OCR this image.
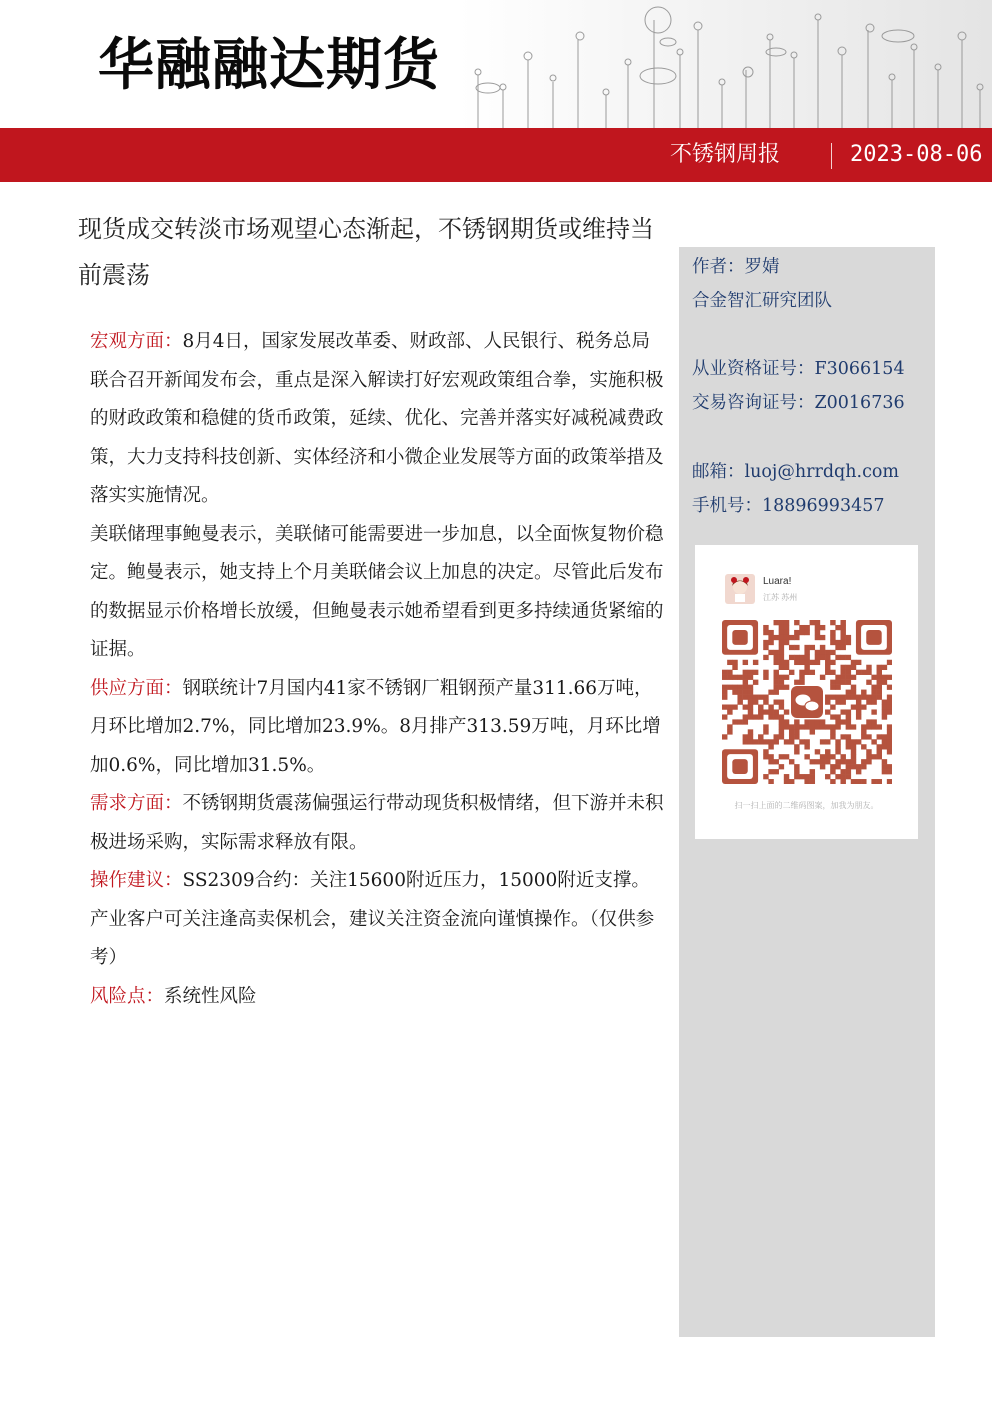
华融融达期货
不锈钢周报	2023-08-06
现货成交转淡市场观望心态渐起，不锈钢期货或维持当前震荡

宏观方面：8月4日，国家发展改革委、财政部、人民银行、税务总局联合召开新闻发布会，重点是深入解读打好宏观政策组合拳，实施积极的财政政策和稳健的货币政策，延续、优化、完善并落实好减税减费政策，大力支持科技创新、实体经济和小微企业发展等方面的政策举措及落实实施情况。

美联储理事鲍曼表示，美联储可能需要进一步加息，以全面恢复物价稳定。鲍曼表示，她支持上个月美联储会议上加息的决定。尽管此后发布的数据显示价格增长放缓，但鲍曼表示她希望看到更多持续通货紧缩的证据。

供应方面：钢联统计7月国内41家不锈钢厂粗钢预产量311.66万吨，月环比增加2.7%，同比增加23.9%。8月排产313.59万吨，月环比增加0.6%，同比增加31.5%。

需求方面：不锈钢期货震荡偏强运行带动现货积极情绪，但下游并未积极进场采购，实际需求释放有限。

操作建议：SS2309合约：关注15600附近压力，15000附近支撑。产业客户可关注逢高卖保机会，建议关注资金流向谨慎操作。（仅供参考）

风险点：系统性风险

作者：罗婧
合金智汇研究团队
从业资格证号：F3066154
交易咨询证号：Z0016736
邮箱：luoj@hrrdqh.com
手机号：18896993457
Luara!
江苏 苏州
扫一扫上面的二维码图案，加我为朋友。
